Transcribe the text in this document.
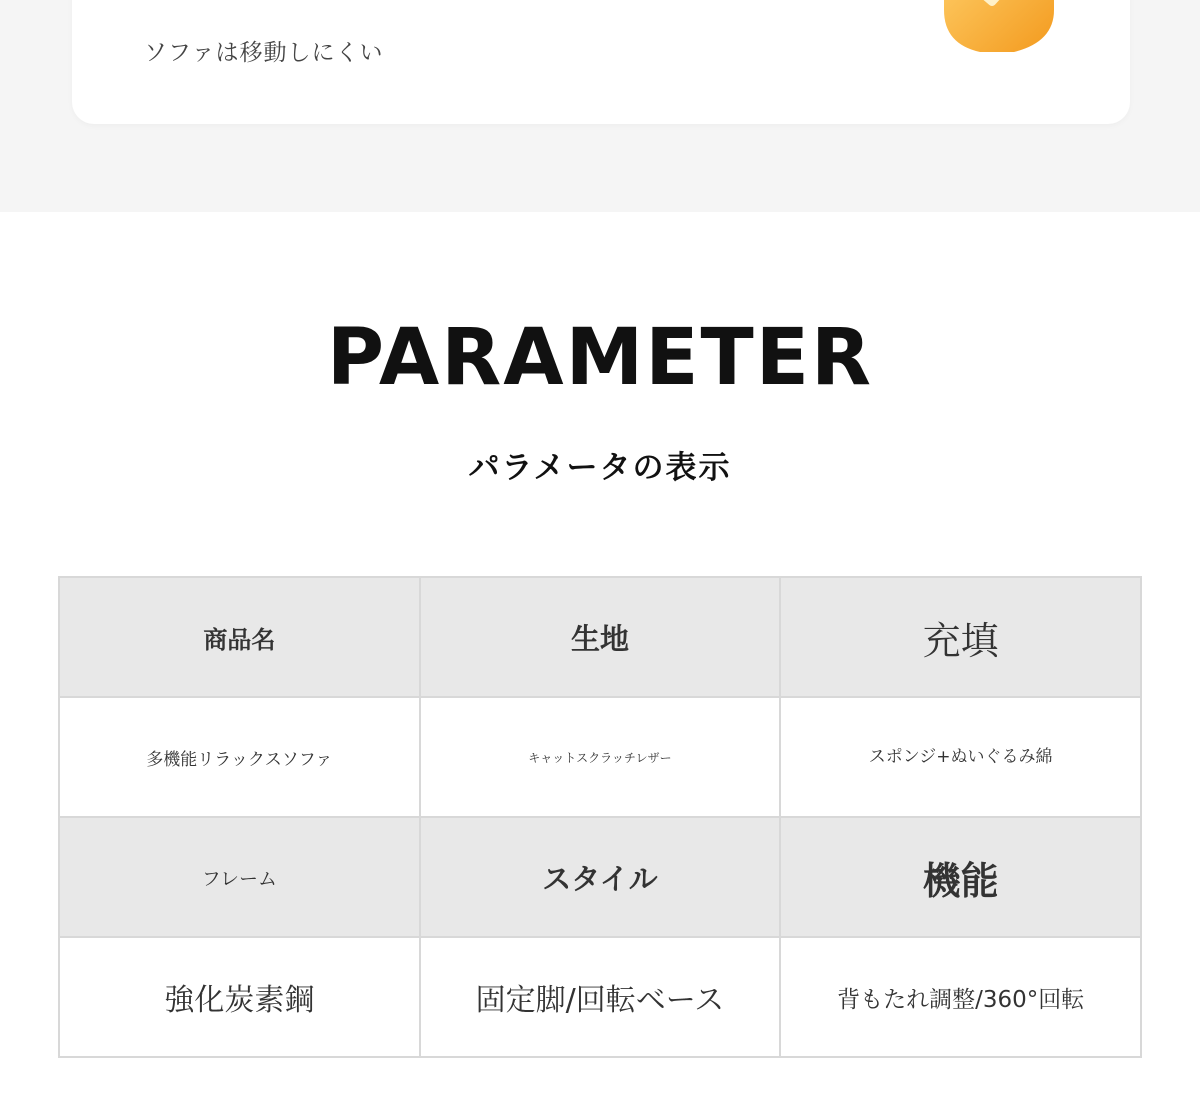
ソファは移動しにくい
PARAMETER
パラメータの表示
商品名	生地	充填
多機能リラックスソファ	キャットスクラッチレザー	スポンジ+ぬいぐるみ綿
フレーム	スタイル	機能
強化炭素鋼	固定脚/回転ベース	背もたれ調整/360°回転
